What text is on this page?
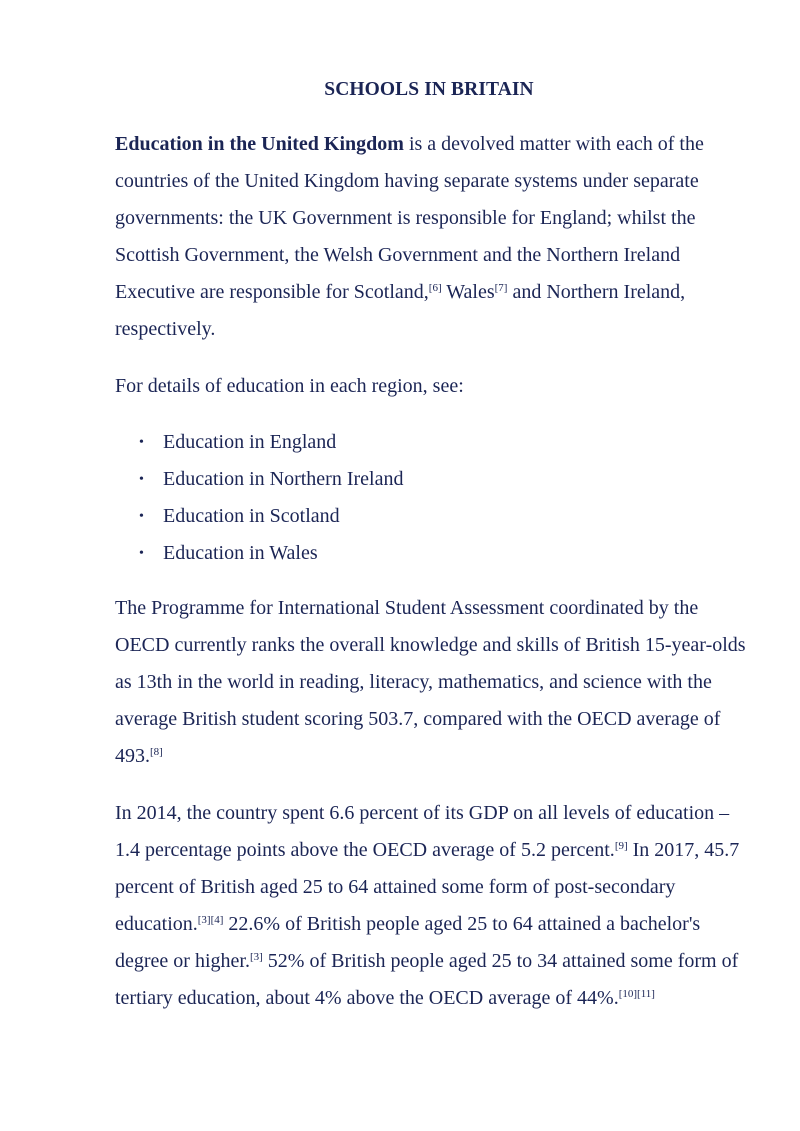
SCHOOLS IN BRITAIN

Education in the United Kingdom is a devolved matter with each of the countries of the United Kingdom having separate systems under separate governments: the UK Government is responsible for England; whilst the Scottish Government, the Welsh Government and the Northern Ireland Executive are responsible for Scotland,[6] Wales[7] and Northern Ireland, respectively.

For details of education in each region, see:

• Education in England
• Education in Northern Ireland
• Education in Scotland
• Education in Wales

The Programme for International Student Assessment coordinated by the OECD currently ranks the overall knowledge and skills of British 15-year-olds as 13th in the world in reading, literacy, mathematics, and science with the average British student scoring 503.7, compared with the OECD average of 493.[8]

In 2014, the country spent 6.6 percent of its GDP on all levels of education – 1.4 percentage points above the OECD average of 5.2 percent.[9] In 2017, 45.7 percent of British aged 25 to 64 attained some form of post-secondary education.[3][4] 22.6% of British people aged 25 to 64 attained a bachelor's degree or higher.[3] 52% of British people aged 25 to 34 attained some form of tertiary education, about 4% above the OECD average of 44%.[10][11]
